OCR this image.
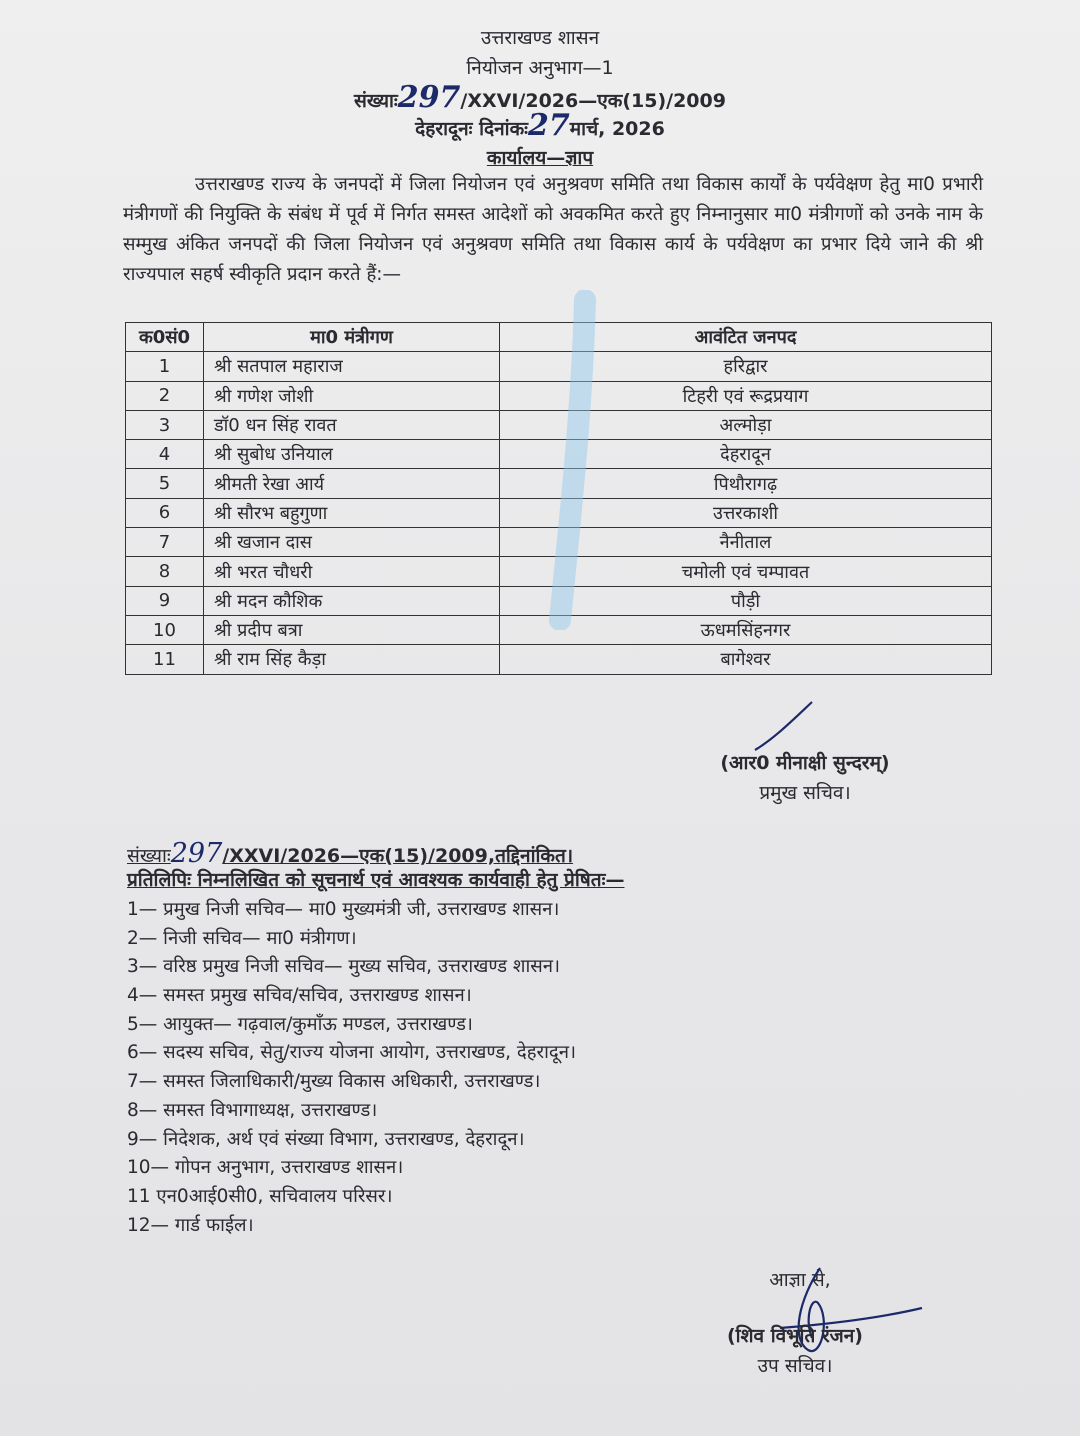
उत्तराखण्ड शासन
नियोजन अनुभाग—1
संख्याः297/XXVI/2026—एक(15)/2009
देहरादूनः दिनांकः27मार्च, 2026
कार्यालय—ज्ञाप
उत्तराखण्ड राज्य के जनपदों में जिला नियोजन एवं अनुश्रवण समिति तथा विकास कार्यों के पर्यवेक्षण हेतु मा0 प्रभारी मंत्रीगणों की नियुक्ति के संबंध में पूर्व में निर्गत समस्त आदेशों को अवकमित करते हुए निम्नानुसार मा0 मंत्रीगणों को उनके नाम के सम्मुख अंकित जनपदों की जिला नियोजन एवं अनुश्रवण समिति तथा विकास कार्य के पर्यवेक्षण का प्रभार दिये जाने की श्री राज्यपाल सहर्ष स्वीकृति प्रदान करते हैं:—
क0सं0	मा0 मंत्रीगण	आवंटित जनपद
1	श्री सतपाल महाराज	हरिद्वार
2	श्री गणेश जोशी	टिहरी एवं रूद्रप्रयाग
3	डॉ0 धन सिंह रावत	अल्मोड़ा
4	श्री सुबोध उनियाल	देहरादून
5	श्रीमती रेखा आर्य	पिथौरागढ़
6	श्री सौरभ बहुगुणा	उत्तरकाशी
7	श्री खजान दास	नैनीताल
8	श्री भरत चौधरी	चमोली एवं चम्पावत
9	श्री मदन कौशिक	पौड़ी
10	श्री प्रदीप बत्रा	ऊधमसिंहनगर
11	श्री राम सिंह कैड़ा	बागेश्वर
(आर0 मीनाक्षी सुन्दरम्)
प्रमुख सचिव।
संख्याः297/XXVI/2026—एक(15)/2009,तद्दिनांकित।
प्रतिलिपिः निम्नलिखित को सूचनार्थ एवं आवश्यक कार्यवाही हेतु प्रेषितः—
1— प्रमुख निजी सचिव— मा0 मुख्यमंत्री जी, उत्तराखण्ड शासन।
2— निजी सचिव— मा0 मंत्रीगण।
3— वरिष्ठ प्रमुख निजी सचिव— मुख्य सचिव, उत्तराखण्ड शासन।
4— समस्त प्रमुख सचिव/सचिव, उत्तराखण्ड शासन।
5— आयुक्त— गढ़वाल/कुमाँऊ मण्डल, उत्तराखण्ड।
6— सदस्य सचिव, सेतु/राज्य योजना आयोग, उत्तराखण्ड, देहरादून।
7— समस्त जिलाधिकारी/मुख्य विकास अधिकारी, उत्तराखण्ड।
8— समस्त विभागाध्यक्ष, उत्तराखण्ड।
9— निदेशक, अर्थ एवं संख्या विभाग, उत्तराखण्ड, देहरादून।
10— गोपन अनुभाग, उत्तराखण्ड शासन।
11 एन0आई0सी0, सचिवालय परिसर।
12— गार्ड फाईल।
आज्ञा से,
(शिव विभूति रंजन)
उप सचिव।
